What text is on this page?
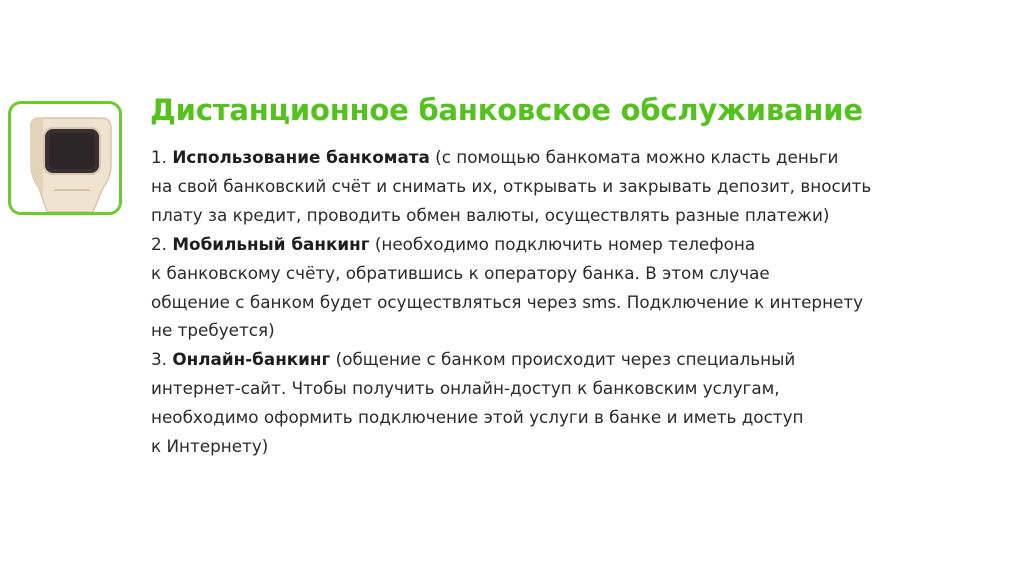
Дистанционное банковское обслуживание

1. Использование банкомата (с помощью банкомата можно класть деньги
на свой банковский счёт и снимать их, открывать и закрывать депозит, вносить
плату за кредит, проводить обмен валюты, осуществлять разные платежи)

2. Мобильный банкинг (необходимо подключить номер телефона
к банковскому счёту, обратившись к оператору банка. В этом случае
общение с банком будет осуществляться через sms. Подключение к интернету
не требуется)

3. Онлайн-банкинг (общение с банком происходит через специальный
интернет-сайт. Чтобы получить онлайн-доступ к банковским услугам,
необходимо оформить подключение этой услуги в банке и иметь доступ
к Интернету)
